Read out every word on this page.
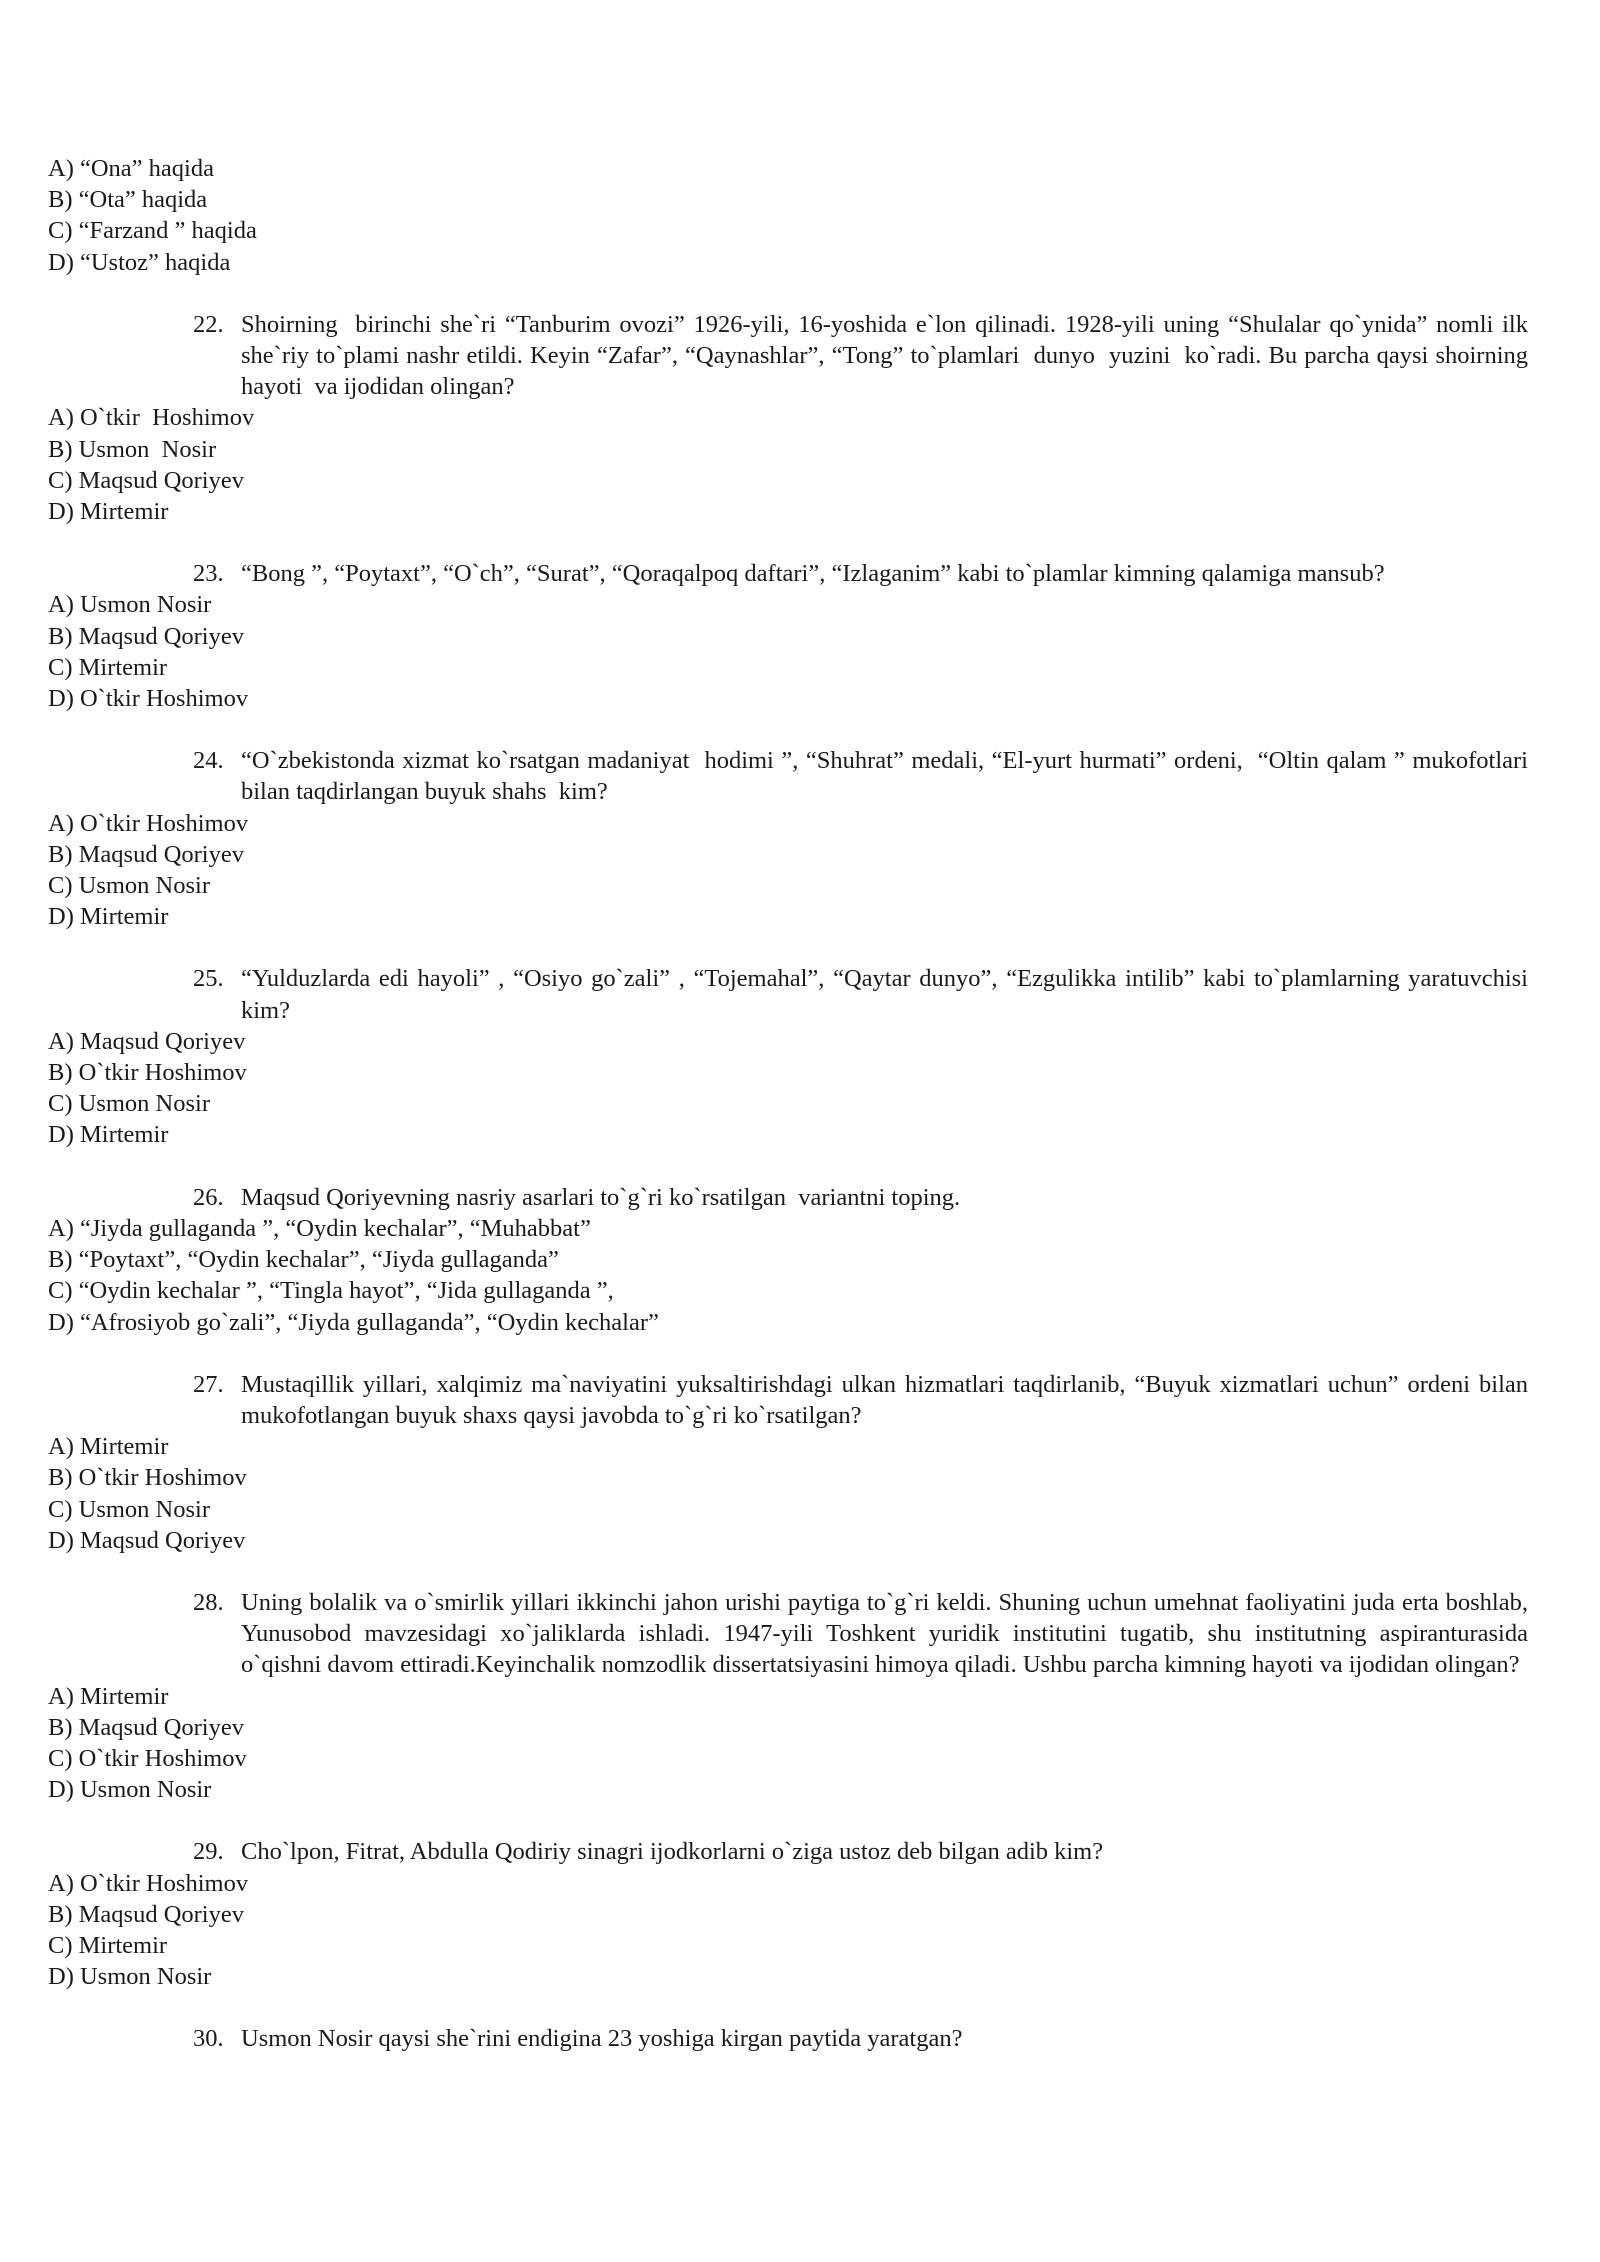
A) “Ona” haqida
B) “Ota” haqida
C) “Farzand ” haqida
D) “Ustoz” haqida
22. Shoirning  birinchi she`ri “Tanburim ovozi” 1926-yili, 16-yoshida e`lon qilinadi. 1928-yili uning “Shulalar qo`ynida” nomli ilk  she`riy to`plami nashr etildi. Keyin “Zafar”, “Qaynashlar”, “Tong” to`plamlari  dunyo  yuzini  ko`radi. Bu parcha qaysi shoirning  hayoti  va ijodidan olingan?
A) O`tkir  Hoshimov
B) Usmon  Nosir
C) Maqsud Qoriyev
D) Mirtemir
23. “Bong ”, “Poytaxt”, “O`ch”, “Surat”, “Qoraqalpoq daftari”, “Izlaganim” kabi to`plamlar kimning qalamiga mansub?
A) Usmon Nosir
B) Maqsud Qoriyev
C) Mirtemir
D) O`tkir Hoshimov
24. “O`zbekistonda xizmat ko`rsatgan madaniyat  hodimi ”, “Shuhrat” medali, “El-yurt hurmati” ordeni,  “Oltin qalam ” mukofotlari bilan taqdirlangan buyuk shahs  kim?
A) O`tkir Hoshimov
B) Maqsud Qoriyev
C) Usmon Nosir
D) Mirtemir
25. “Yulduzlarda edi hayoli” , “Osiyo go`zali” , “Tojemahal”, “Qaytar dunyo”, “Ezgulikka intilib” kabi to`plamlarning yaratuvchisi kim?
A) Maqsud Qoriyev
B) O`tkir Hoshimov
C) Usmon Nosir
D) Mirtemir
26. Maqsud Qoriyevning nasriy asarlari to`g`ri ko`rsatilgan  variantni toping.
A) “Jiyda gullaganda ”, “Oydin kechalar”, “Muhabbat”
B) “Poytaxt”, “Oydin kechalar”, “Jiyda gullaganda”
C) “Oydin kechalar ”, “Tingla hayot”, “Jida gullaganda ”,
D) “Afrosiyob go`zali”, “Jiyda gullaganda”, “Oydin kechalar”
27. Mustaqillik yillari, xalqimiz ma`naviyatini yuksaltirishdagi ulkan hizmatlari taqdirlanib, “Buyuk xizmatlari uchun” ordeni bilan mukofotlangan buyuk shaxs qaysi javobda to`g`ri ko`rsatilgan?
A) Mirtemir
B) O`tkir Hoshimov
C) Usmon Nosir
D) Maqsud Qoriyev
28. Uning bolalik va o`smirlik yillari ikkinchi jahon urishi paytiga to`g`ri keldi. Shuning uchun umehnat faoliyatini juda erta boshlab, Yunusobod mavzesidagi xo`jaliklarda ishladi. 1947-yili Toshkent yuridik institutini tugatib, shu institutning aspiranturasida o`qishni davom ettiradi.Keyinchalik nomzodlik dissertatsiyasini himoya qiladi. Ushbu parcha kimning hayoti va ijodidan olingan?
A) Mirtemir
B) Maqsud Qoriyev
C) O`tkir Hoshimov
D) Usmon Nosir
29. Cho`lpon, Fitrat, Abdulla Qodiriy sinagri ijodkorlarni o`ziga ustoz deb bilgan adib kim?
A) O`tkir Hoshimov
B) Maqsud Qoriyev
C) Mirtemir
D) Usmon Nosir
30. Usmon Nosir qaysi she`rini endigina 23 yoshiga kirgan paytida yaratgan?
